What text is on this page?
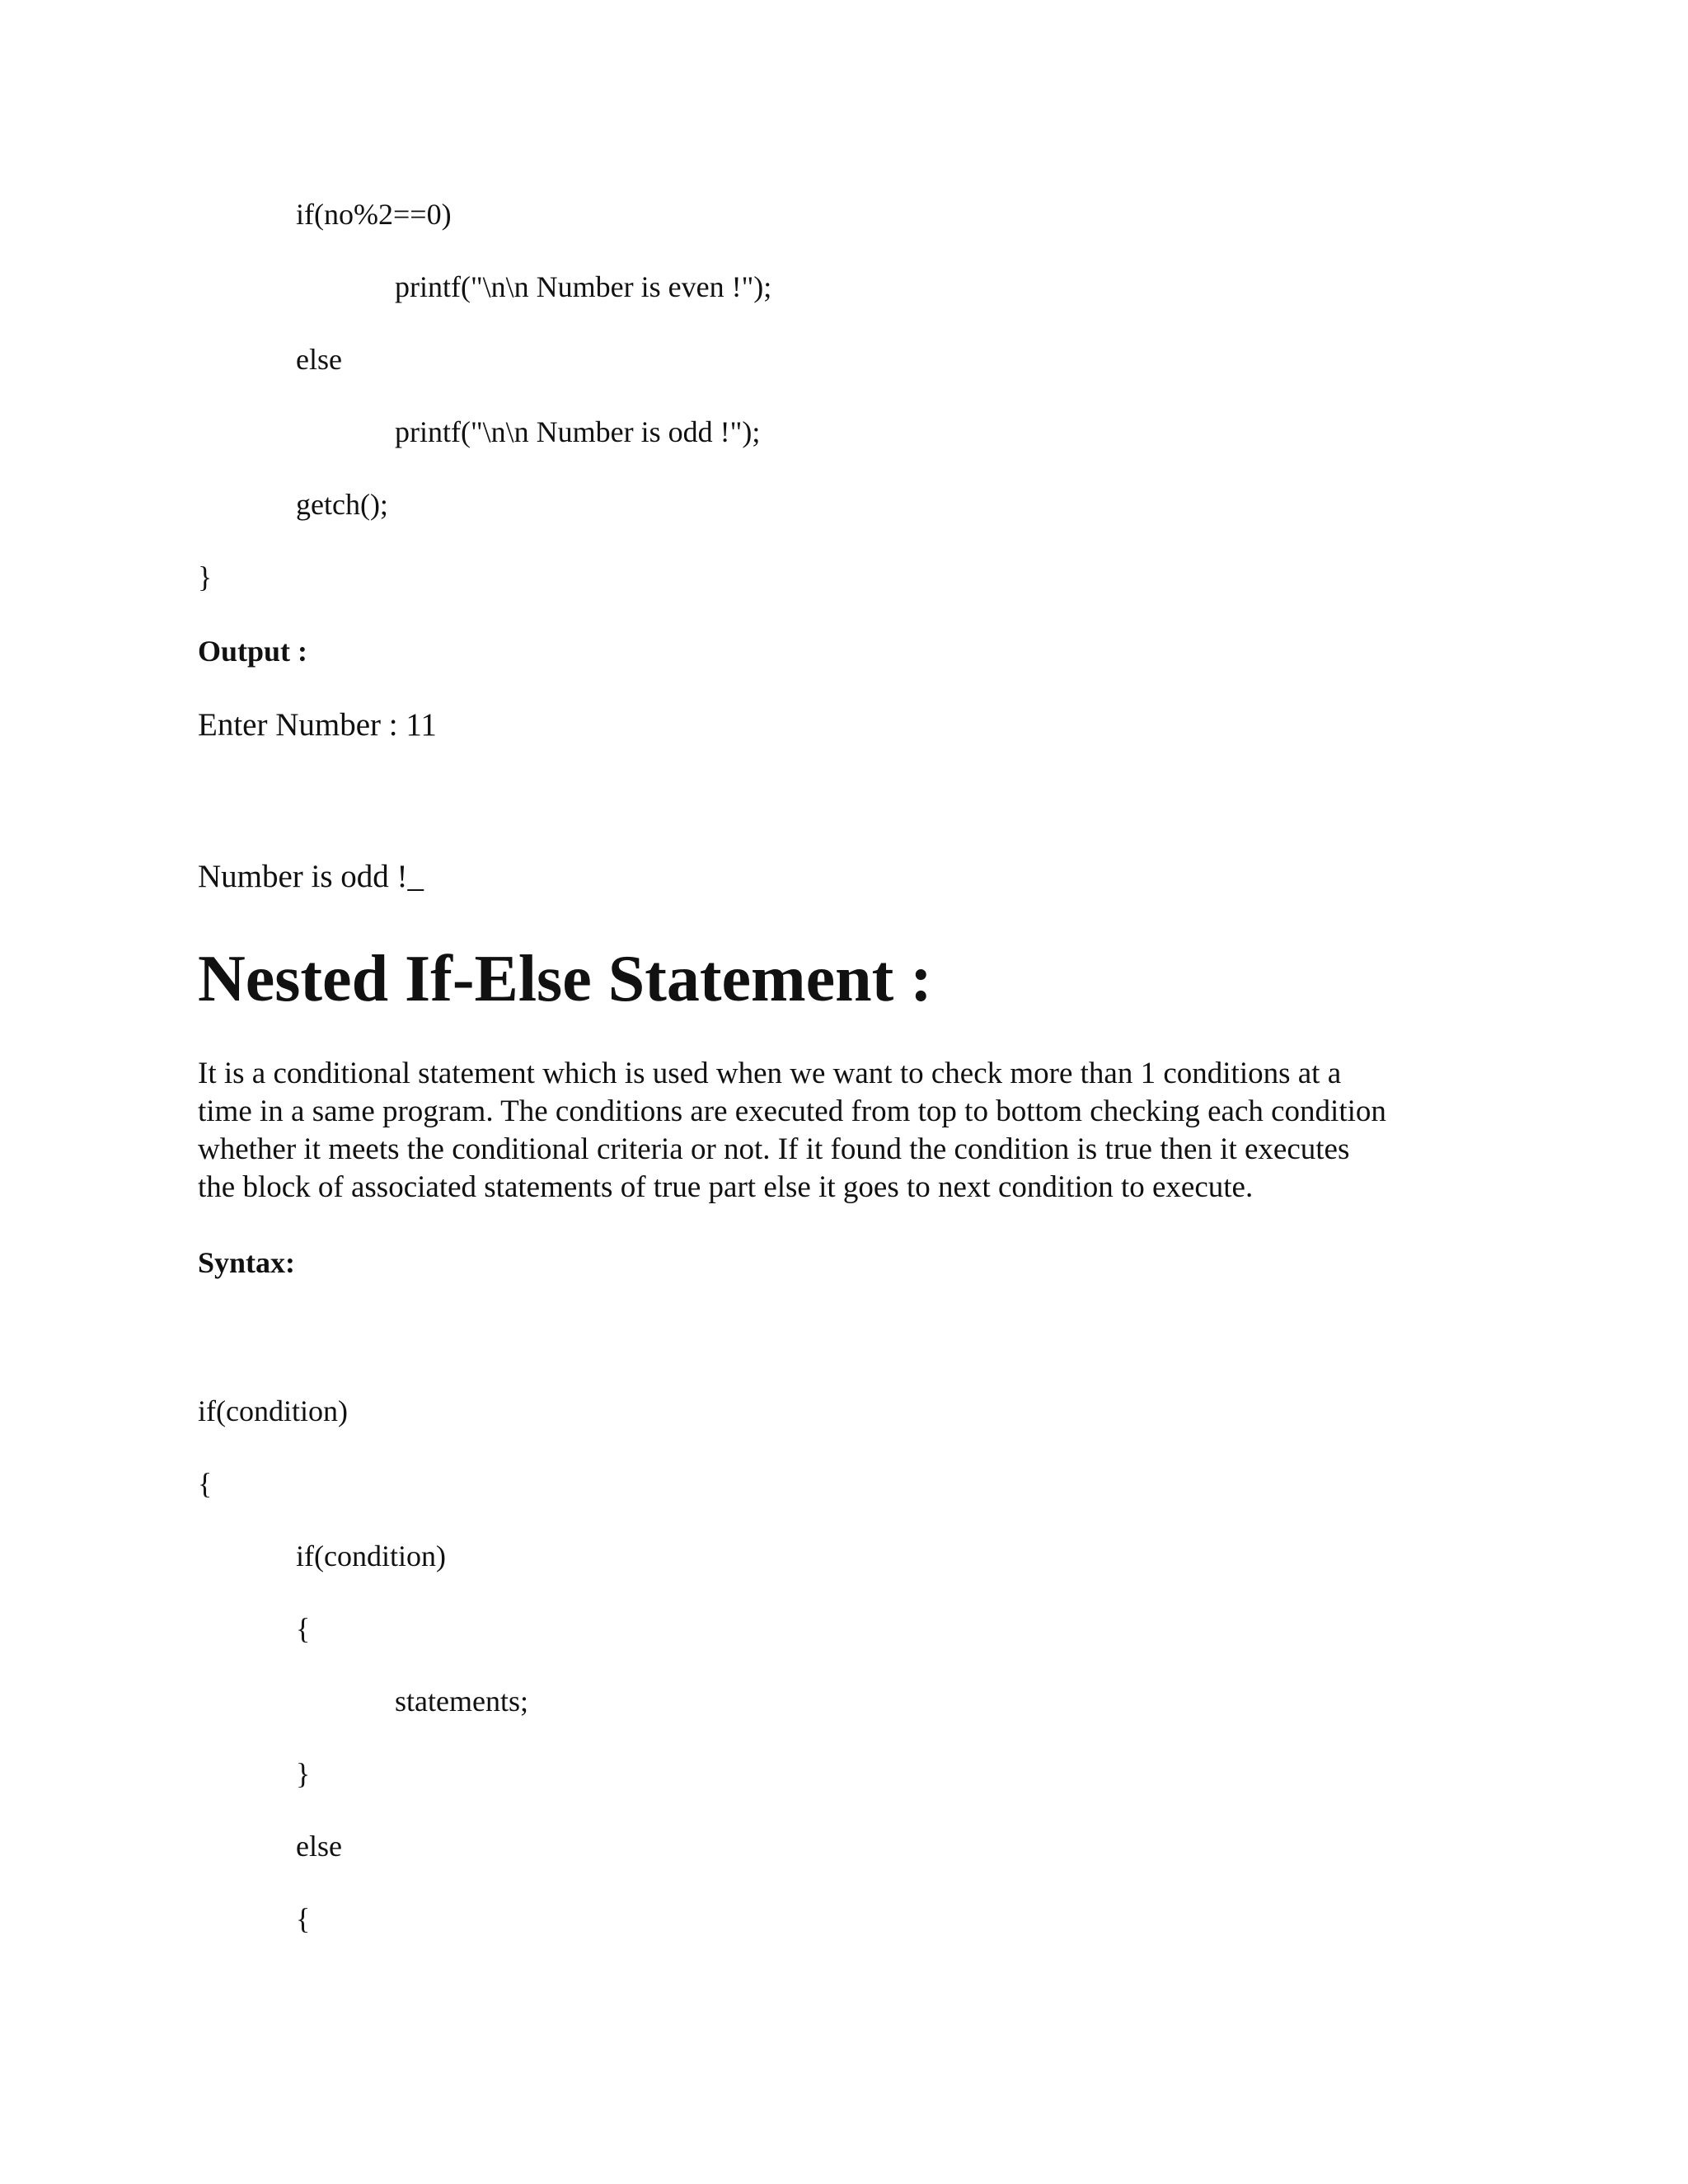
if(no%2==0)
printf("\n\n Number is even !");
else
printf("\n\n Number is odd !");
getch();
}
Output :
Enter Number : 11
Number is odd !_
Nested If-Else Statement :
It is a conditional statement which is used when we want to check more than 1 conditions at a
time in a same program. The conditions are executed from top to bottom checking each condition
whether it meets the conditional criteria or not. If it found the condition is true then it executes
the block of associated statements of true part else it goes to next condition to execute.
Syntax:
if(condition)
{
if(condition)
{
statements;
}
else
{
